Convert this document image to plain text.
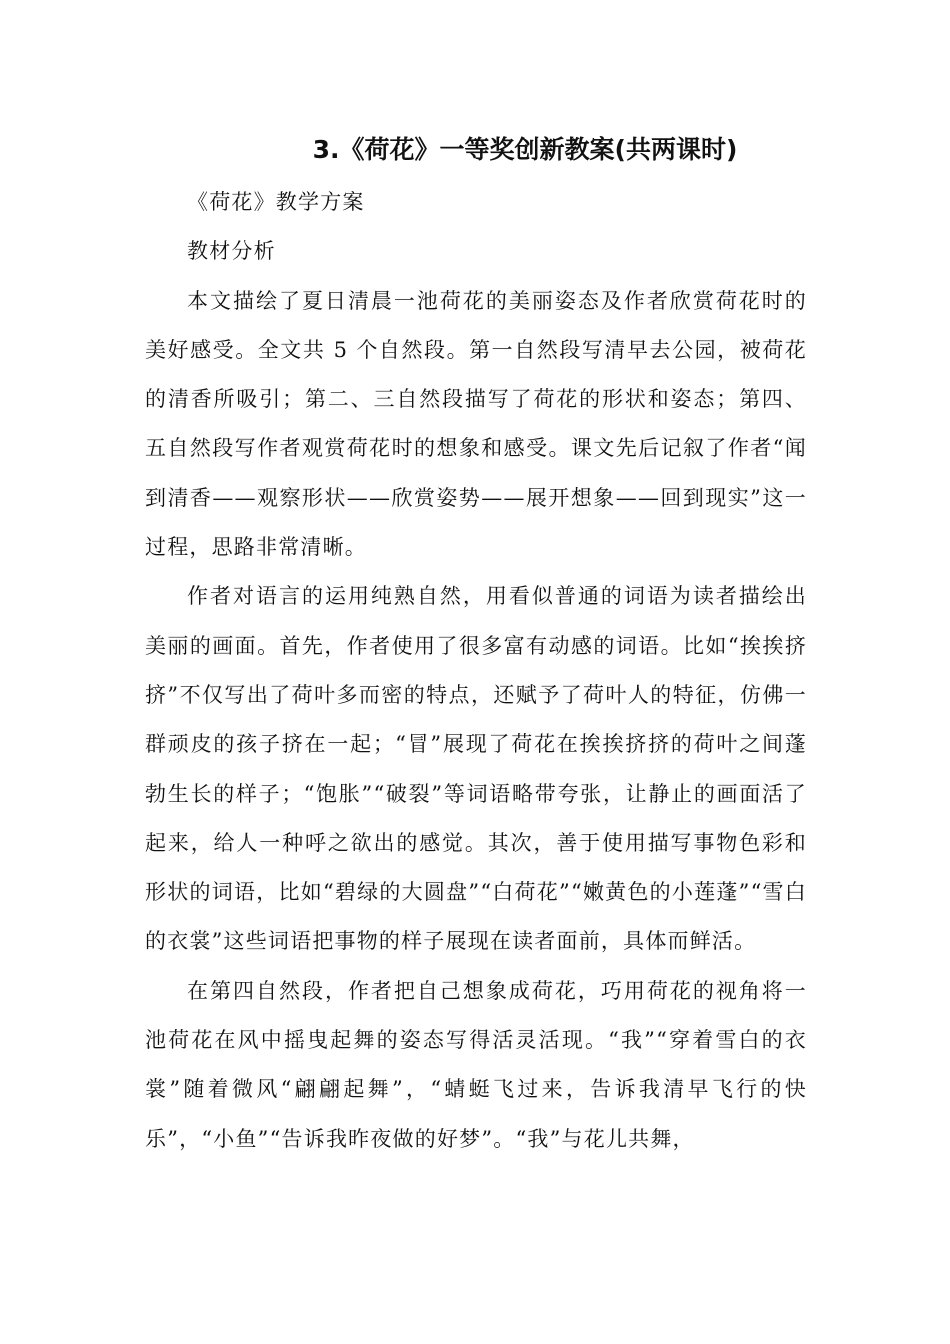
3.《荷花》一等奖创新教案(共两课时)

《荷花》教学方案

教材分析

本文描绘了夏日清晨一池荷花的美丽姿态及作者欣赏荷花时的美好感受。全文共 5 个自然段。第一自然段写清早去公园，被荷花的清香所吸引；第二、三自然段描写了荷花的形状和姿态；第四、五自然段写作者观赏荷花时的想象和感受。课文先后记叙了作者“闻到清香——观察形状——欣赏姿势——展开想象——回到现实”这一过程，思路非常清晰。

作者对语言的运用纯熟自然，用看似普通的词语为读者描绘出美丽的画面。首先，作者使用了很多富有动感的词语。比如“挨挨挤挤”不仅写出了荷叶多而密的特点，还赋予了荷叶人的特征，仿佛一群顽皮的孩子挤在一起；“冒”展现了荷花在挨挨挤挤的荷叶之间蓬勃生长的样子；“饱胀”“破裂”等词语略带夸张，让静止的画面活了起来，给人一种呼之欲出的感觉。其次，善于使用描写事物色彩和形状的词语，比如“碧绿的大圆盘”“白荷花”“嫩黄色的小莲蓬”“雪白的衣裳”这些词语把事物的样子展现在读者面前，具体而鲜活。

在第四自然段，作者把自己想象成荷花，巧用荷花的视角将一池荷花在风中摇曳起舞的姿态写得活灵活现。“我”“穿着雪白的衣裳”随着微风“翩翩起舞”，“蜻蜓飞过来，告诉我清早飞行的快乐”，“小鱼”“告诉我昨夜做的好梦”。“我”与花儿共舞，
